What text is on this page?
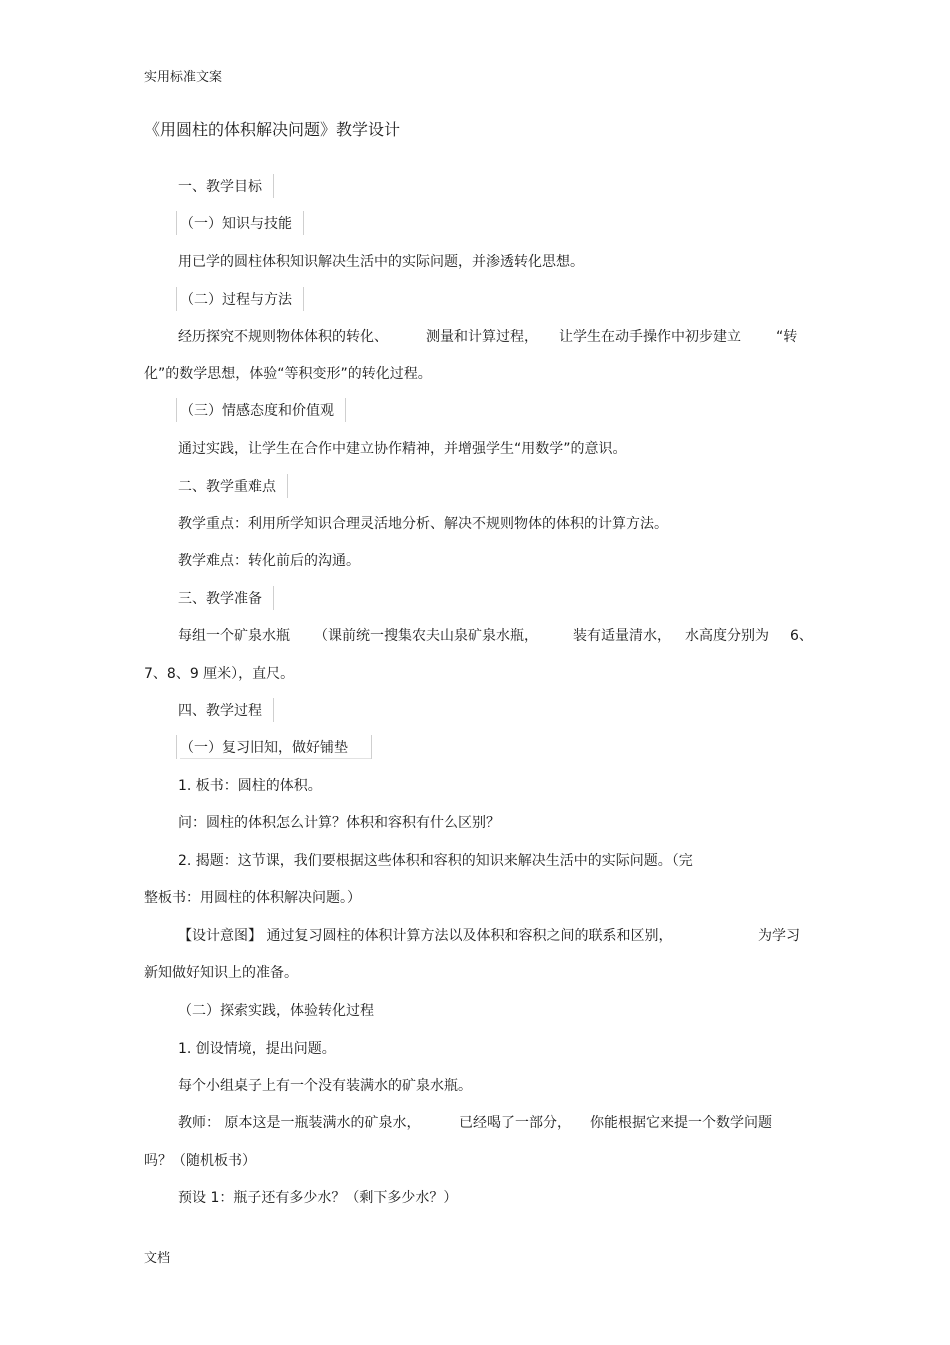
实用标准文案
《用圆柱的体积解决问题》教学设计
一、教学目标
（一）知识与技能
用已学的圆柱体积知识解决生活中的实际问题，并渗透转化思想。
（二）过程与方法
经历探究不规则物体体积的转化、	测量和计算过程， 让学生在动手操作中初步建立	“转
化”的数学思想，体验“等积变形”的转化过程。
（三）情感态度和价值观
通过实践，让学生在合作中建立协作精神，并增强学生“用数学”的意识。
二、教学重难点
教学重点：利用所学知识合理灵活地分析、解决不规则物体的体积的计算方法。
教学难点：转化前后的沟通。
三、教学准备
每组一个矿泉水瓶 （课前统一搜集农夫山泉矿泉水瓶，	装有适量清水， 水高度分别为 6、
7、8、9 厘米），直尺。
四、教学过程
（一）复习旧知，做好铺垫
1. 板书：圆柱的体积。
问：圆柱的体积怎么计算？体积和容积有什么区别？
2. 揭题：这节课，我们要根据这些体积和容积的知识来解决生活中的实际问题。（完
整板书：用圆柱的体积解决问题。）
【设计意图】 通过复习圆柱的体积计算方法以及体积和容积之间的联系和区别，	为学习
新知做好知识上的准备。
（二）探索实践，体验转化过程
1. 创设情境，提出问题。
每个小组桌子上有一个没有装满水的矿泉水瓶。
教师： 原本这是一瓶装满水的矿泉水，	已经喝了一部分， 你能根据它来提一个数学问题
吗？（随机板书）
预设 1：瓶子还有多少水？（剩下多少水？）
文档
